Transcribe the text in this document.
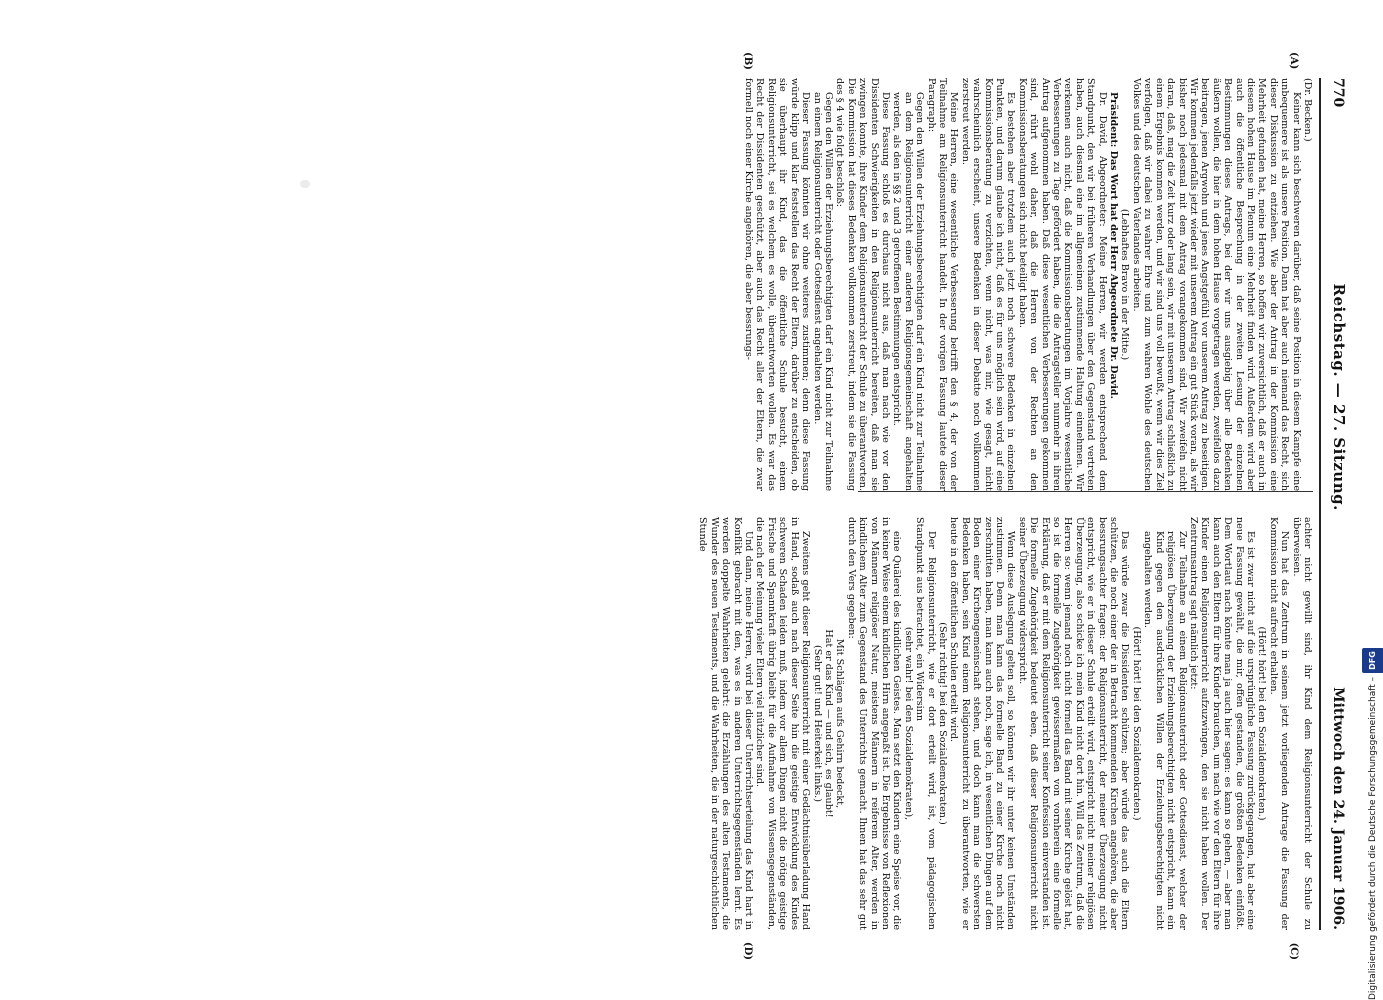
770
Reichstag. — 27. Sitzung.
Mittwoch den 24. Januar 1906.
(A)
(B)
(C)
(D)

(Dr. Becken.)

Keiner kann sich beschweren darüber, daß seine Position in diesem Kampfe eine unbequemere ist als unsere Position. Dann hat aber auch niemand das Recht, sich dieser Diskussion zu entziehen. Wie aber der Antrag in der Kommission eine Mehrheit gefunden hat, meine Herren, so hoffen wir zuversichtlich, daß er auch in diesem hohen Hause im Plenum eine Mehrheit finden wird. Außerdem wird aber auch die öffentliche Besprechung in der zweiten Lesung der einzelnen Bestimmungen dieses Antrags, bei der wir uns ausgiebig über alle Bedenken äußern wollen, die hier in dem hohen Hause vorgetragen werden, zweifellos dazu beitragen, jenen Argwohn und jenes Angstgefühl vor unserem Antrag zu beseitigen. Wir kommen jedenfalls jetzt wieder mit unserem Antrag ein gut Stück voran, als wir bisher noch jedesmal mit dem Antrag vorangekommen sind. Wir zweifeln nicht daran, daß, mag die Zeit kurz oder lang sein, wir mit unserem Antrag schließlich zu einem Ergebnis kommen werden, und wir sind uns voll bewußt, wenn wir dies Ziel verfolgen, daß wir dabei zu wahrer Ehre und zum wahren Wohle des deutschen Volkes und des deutschen Vaterlandes arbeiten.

(Lebhaftes Bravo in der Mitte.)

Präsident: Das Wort hat der Herr Abgeordnete Dr. David.

Dr. David, Abgeordneter: Meine Herren, wir werden entsprechend dem Standpunkt, den wir bei früheren Verhandlungen über den Gegenstand vertreten haben, auch diesmal eine im allgemeinen zustimmende Haltung einnehmen. Wir verkennen auch nicht, daß die Kommissionsberatungen im Vorjahre wesentliche Verbesserungen zu Tage gefördert haben, die die Antragsteller nunmehr in ihren Antrag aufgenommen haben. Daß diese wesentlichen Verbesserungen gekommen sind, rührt wohl daher, daß die Herren von der Rechten an den Kommissionsberatungen sich nicht beteiligt haben.

Es bestehen aber trotzdem auch jetzt noch schwere Bedenken in einzelnen Punkten, und darum glaube ich nicht, daß es für uns möglich sein wird, auf eine Kommissionsberatung zu verzichten, wenn nicht, was mir, wie gesagt, nicht wahrscheinlich erscheint, unsere Bedenken in dieser Debatte noch vollkommen zerstreut werden.

Meine Herren, eine wesentliche Verbesserung betrifft den § 4, der von der Teilnahme am Religionsunterricht handelt. In der vorigen Fassung lautete dieser Paragraph:

Gegen den Willen der Erziehungsberechtigten darf ein Kind nicht zur Teilnahme an dem Religionsunterricht einer anderen Religionsgemeinschaft angehalten werden, als den in §§ 2 und 3 getroffenen Bestimmungen entspricht.

Diese Fassung schloß es durchaus nicht aus, daß man nach wie vor den Dissidenten Schwierigkeiten in den Religionsunterricht bereiten, daß man sie zwingen konnte, ihre Kinder dem Religionsunterricht der Schule zu überantworten. Die Kommission hat dieses Bedenken vollkommen zerstreut, indem sie die Fassung des § 4 wie folgt beschloß:

Gegen den Willen der Erziehungsberechtigten darf ein Kind nicht zur Teilnahme an einem Religionsunterricht oder Gottesdienst angehalten werden.

Dieser Fassung könnten wir ohne weiteres zustimmen; denn diese Fassung würde klipp und klar feststellen das Recht der Eltern, darüber zu entscheiden, ob sie überhaupt ihr Kind, das die öffentliche Schule besucht, einem Religionsunterricht, sei es welchem es wolle, überantworten wollen. Es war das Recht der Dissidenten geschützt, aber auch das Recht aller der Eltern, die zwar formell noch einer Kirche angehören, die aber bessrungs-

achter nicht gewillt sind, ihr Kind dem Religionsunterricht der Schule zu überweisen.

Nun hat das Zentrum in seinem jetzt vorliegenden Antrage die Fassung der Kommission nicht aufrecht erhalten.

(Hört! hört! bei den Sozialdemokraten.)

Es ist zwar nicht auf die ursprüngliche Fassung zurückgegangen, hat aber eine neue Fassung gewählt, die mir, offen gestanden, die größten Bedenken einflößt. Dem Wortlaut nach könnte man ja auch hier sagen: es kann so gehen, — aber man kann auch den Eltern für ihre Kinder brauchen, um nach wie vor den Eltern für ihre Kinder einen Religionsunterricht aufzuzwingen, den sie nicht haben wollen. Der Zentrumsantrag sagt nämlich jetzt:

Zur Teilnahme an einem Religionsunterricht oder Gottesdienst, welcher der religiösen Überzeugung der Erziehungsberechtigten nicht entspricht, kann ein Kind gegen den ausdrücklichen Willen der Erziehungsberechtigten nicht angehalten werden.

(Hört! hört! bei den Sozialdemokraten.)

Das würde zwar die Dissidenten schützen; aber würde das auch die Eltern schützen, die noch einer der in Betracht kommenden Kirchen angehören, die aber bessrungsachter fragen: der Religionsunterricht, der meiner Überzeugung nicht entspricht, wie er in dieser Schule erteilt wird, entspricht nicht meiner religiösen Überzeugung, also schicke ich mein Kind nicht dort hin. Will das Zentrum, daß die Herren so: wenn jemand noch nicht formell das Band mit seiner Kirche gelöst hat, so ist die formelle Zugehörigkeit gewissermaßen von vornherein eine formelle Erklärung, daß er mit dem Religionsunterricht seiner Konfession einverstanden ist. Die formelle Zugehörigkeit bedeutet eben, daß dieser Religionsunterricht nicht seiner Überzeugung widerspricht.

Wenn diese Auslegung gelten soll, so können wir ihr unter keinen Umständen zustimmen. Denn man kann das formelle Band zu einer Kirche noch nicht zerschnitten haben, man kann auch noch, sage ich, in wesentlichen Dingen auf dem Boden einer Kirchengemeinschaft stehen, und doch kann man die schwersten Bedenken haben, sein Kind einem Religionsunterricht zu überantworten, wie er heute in den öffentlichen Schulen erteilt wird.

(Sehr richtig! bei den Sozialdemokraten.)

Der Religionsunterricht, wie er dort erteilt wird, ist, vom pädagogischen Standpunkt aus betrachtet, ein Widersinn

(sehr wahr! bei den Sozialdemokraten),

eine Quälerei des kindlichen Geistes. Man setzt den Kindern eine Speise vor, die in keiner Weise einem kindlichen Hirn angepaßt ist. Die Ergebnisse von Reflexionen von Männern religiöser Natur, meistens Männern in reiferem Alter, werden in kindlichem Alter zum Gegenstand des Unterrichts gemacht. Ihnen hat das sehr gut durch den Vers gegeben:

Mit Schlägen aufs Gehirn bedeckt,

Hat er das Kind — und sich, es glaubt!

(Sehr gut! und Heiterkeit links.)

Zweitens geht dieser Religionsunterricht mit einer Gedächtnisüberladung Hand in Hand, sodaß auch nach dieser Seite hin die geistige Entwicklung des Kindes schweren Schaden leiden muß, indem vor allem Dingen nicht die nötige geistige Frische und Spannkraft übrig bleibt für die Aufnahme von Wissensgegenständen, die nach der Meinung vieler Eltern viel nützlicher sind.

Und dann, meine Herren, wird bei dieser Unterrichtserteilung das Kind hart in Konflikt gebracht mit den, was es in anderen Unterrichtsgegenständen lernt. Es werden doppelte Wahrheiten gelehrt: die Erzählungen des alten Testaments, die Wunder des neuen Testaments, und die Wahrheiten, die in der naturgeschichtlichen Stunde

Digitalisierung gefördert durch die Deutsche Forschungsgemeinschaft –
DFG
